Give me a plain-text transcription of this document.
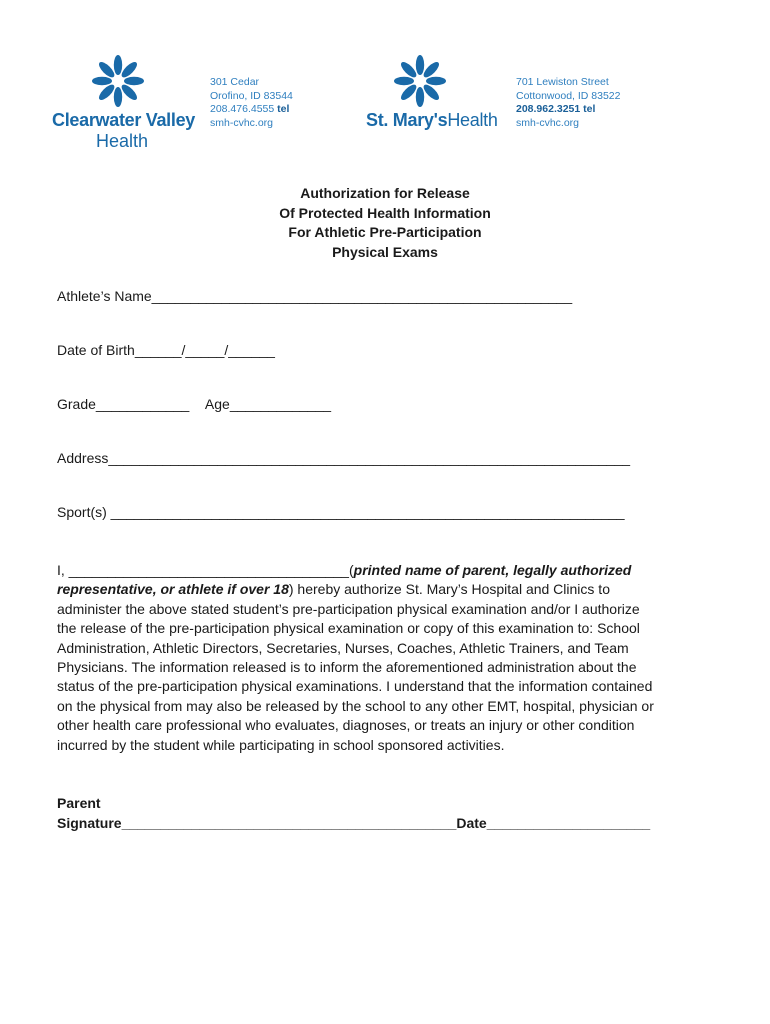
Clearwater Valley
Health
301 Cedar
Orofino, ID 83544
208.476.4555 tel
smh-cvhc.org	St. Mary'sHealth
701 Lewiston Street
Cottonwood, ID 83522
208.962.3251 tel
smh-cvhc.org
Authorization for Release
Of Protected Health Information
For Athletic Pre-Participation
Physical Exams
Athlete’s Name______________________________________________________
Date of Birth______/_____/______
Grade____________ Age_____________
Address___________________________________________________________________
Sport(s) __________________________________________________________________
I, ____________________________________(printed name of parent, legally authorized
representative, or athlete if over 18) hereby authorize St. Mary’s Hospital and Clinics to
administer the above stated student’s pre-participation physical examination and/or I authorize
the release of the pre-participation physical examination or copy of this examination to: School
Administration, Athletic Directors, Secretaries, Nurses, Coaches, Athletic Trainers, and Team
Physicians. The information released is to inform the aforementioned administration about the
status of the pre-participation physical examinations. I understand that the information contained
on the physical from may also be released by the school to any other EMT, hospital, physician or
other health care professional who evaluates, diagnoses, or treats an injury or other condition
incurred by the student while participating in school sponsored activities.
Parent
Signature___________________________________________Date_____________________
